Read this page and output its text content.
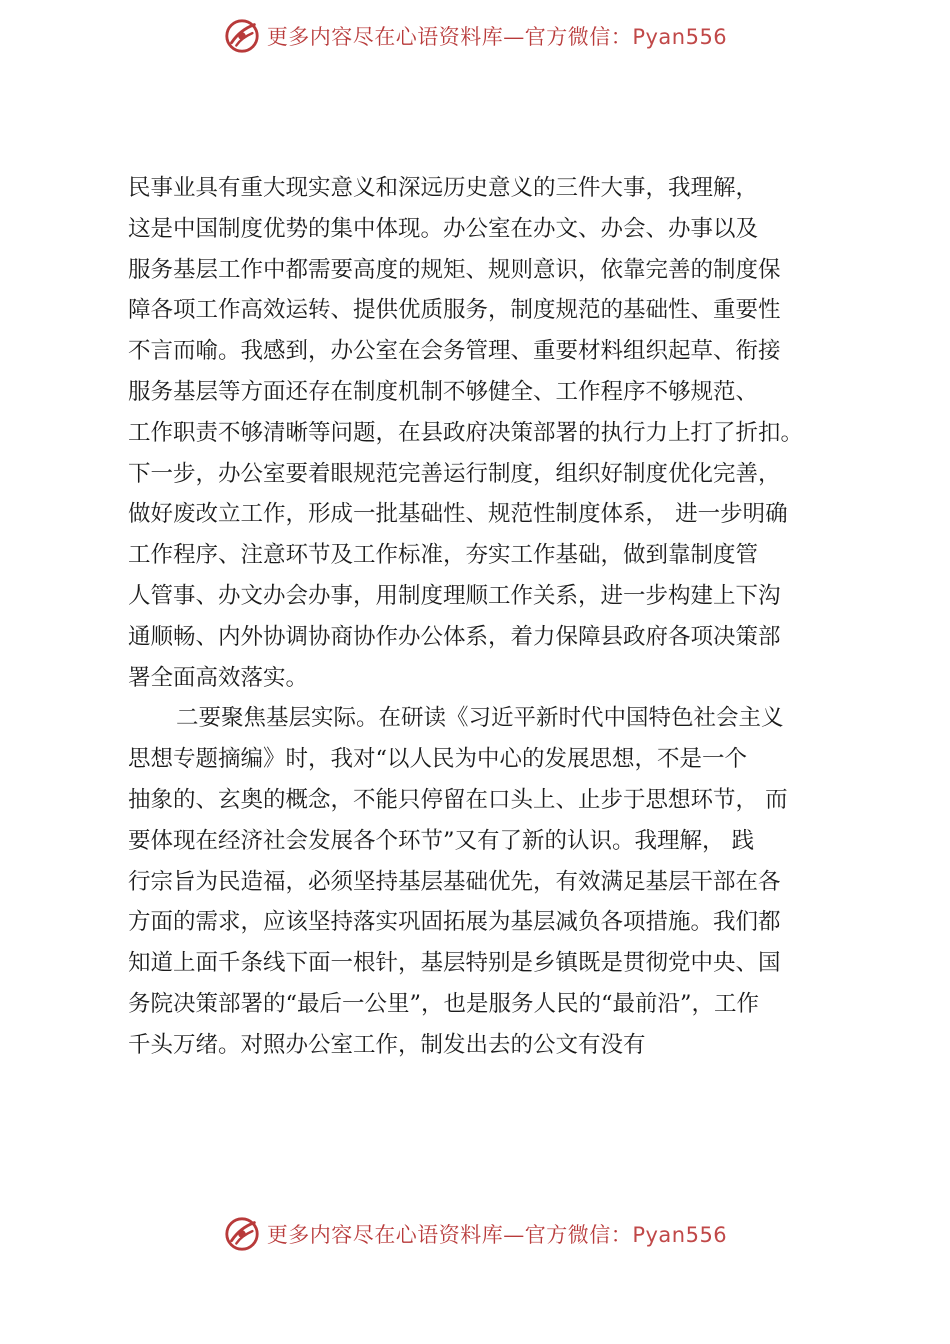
更多内容尽在心语资料库—官方微信：Pyan556
民事业具有重大现实意义和深远历史意义的三件大事，我理解，
这是中国制度优势的集中体现。办公室在办文、办会、办事以及
服务基层工作中都需要高度的规矩、规则意识，依靠完善的制度保
障各项工作高效运转、提供优质服务，制度规范的基础性、重要性
不言而喻。我感到，办公室在会务管理、重要材料组织起草、衔接
服务基层等方面还存在制度机制不够健全、工作程序不够规范、
工作职责不够清晰等问题，在县政府决策部署的执行力上打了折扣。
下一步，办公室要着眼规范完善运行制度，组织好制度优化完善，
做好废改立工作，形成一批基础性、规范性制度体系， 进一步明确
工作程序、注意环节及工作标准，夯实工作基础，做到靠制度管
人管事、办文办会办事，用制度理顺工作关系，进一步构建上下沟
通顺畅、内外协调协商协作办公体系，着力保障县政府各项决策部
署全面高效落实。
二要聚焦基层实际。在研读《习近平新时代中国特色社会主义
思想专题摘编》时，我对“以人民为中心的发展思想，不是一个
抽象的、玄奥的概念，不能只停留在口头上、止步于思想环节， 而
要体现在经济社会发展各个环节”又有了新的认识。我理解， 践
行宗旨为民造福，必须坚持基层基础优先，有效满足基层干部在各
方面的需求，应该坚持落实巩固拓展为基层减负各项措施。我们都
知道上面千条线下面一根针，基层特别是乡镇既是贯彻党中央、国
务院决策部署的“最后一公里”，也是服务人民的“最前沿”，工作
千头万绪。对照办公室工作，制发出去的公文有没有
更多内容尽在心语资料库—官方微信：Pyan556
